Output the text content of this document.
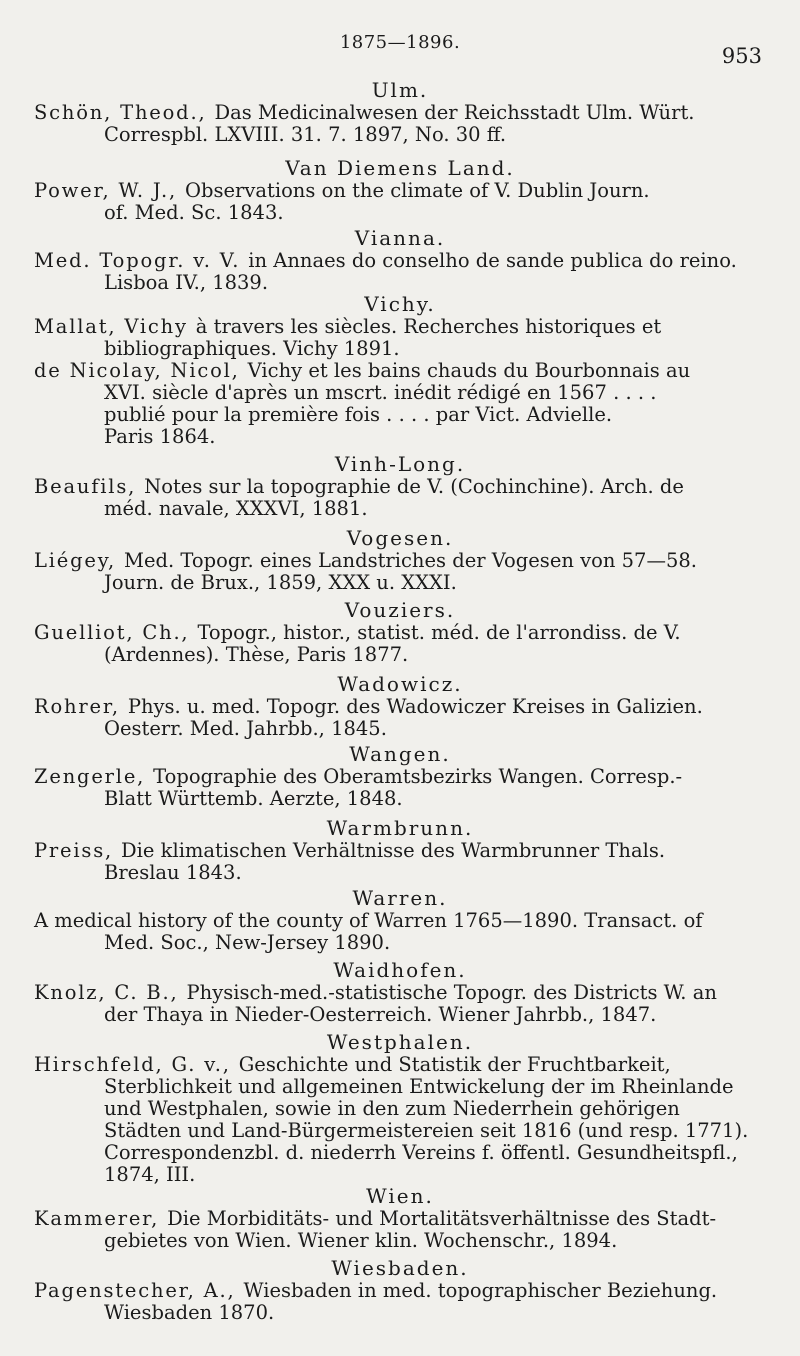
1875—1896.
953
Ulm.
Schön, Theod., Das Medicinalwesen der Reichsstadt Ulm. Würt.
Correspbl. LXVIII. 31. 7. 1897, No. 30 ff.
Van Diemens Land.
Power, W. J., Observations on the climate of V. Dublin Journ.
of. Med. Sc. 1843.
Vianna.
Med. Topogr. v. V. in Annaes do conselho de sande publica do reino.
Lisboa IV., 1839.
Vichy.
Mallat, Vichy à travers les siècles. Recherches historiques et
bibliographiques. Vichy 1891.
de Nicolay, Nicol, Vichy et les bains chauds du Bourbonnais au
XVI. siècle d'après un mscrt. inédit rédigé en 1567 . . . .
publié pour la première fois . . . . par Vict. Advielle.
Paris 1864.
Vinh-Long.
Beaufils, Notes sur la topographie de V. (Cochinchine). Arch. de
méd. navale, XXXVI, 1881.
Vogesen.
Liégey, Med. Topogr. eines Landstriches der Vogesen von 57—58.
Journ. de Brux., 1859, XXX u. XXXI.
Vouziers.
Guelliot, Ch., Topogr., histor., statist. méd. de l'arrondiss. de V.
(Ardennes). Thèse, Paris 1877.
Wadowicz.
Rohrer, Phys. u. med. Topogr. des Wadowiczer Kreises in Galizien.
Oesterr. Med. Jahrbb., 1845.
Wangen.
Zengerle, Topographie des Oberamtsbezirks Wangen. Corresp.-
Blatt Württemb. Aerzte, 1848.
Warmbrunn.
Preiss, Die klimatischen Verhältnisse des Warmbrunner Thals.
Breslau 1843.
Warren.
A medical history of the county of Warren 1765—1890. Transact. of
Med. Soc., New-Jersey 1890.
Waidhofen.
Knolz, C. B., Physisch-med.-statistische Topogr. des Districts W. an
der Thaya in Nieder-Oesterreich. Wiener Jahrbb., 1847.
Westphalen.
Hirschfeld, G. v., Geschichte und Statistik der Fruchtbarkeit,
Sterblichkeit und allgemeinen Entwickelung der im Rheinlande
und Westphalen, sowie in den zum Niederrhein gehörigen
Städten und Land-Bürgermeistereien seit 1816 (und resp. 1771).
Correspondenzbl. d. niederrh Vereins f. öffentl. Gesundheitspfl.,
1874, III.
Wien.
Kammerer, Die Morbiditäts- und Mortalitätsverhältnisse des Stadt-
gebietes von Wien. Wiener klin. Wochenschr., 1894.
Wiesbaden.
Pagenstecher, A., Wiesbaden in med. topographischer Beziehung.
Wiesbaden 1870.
